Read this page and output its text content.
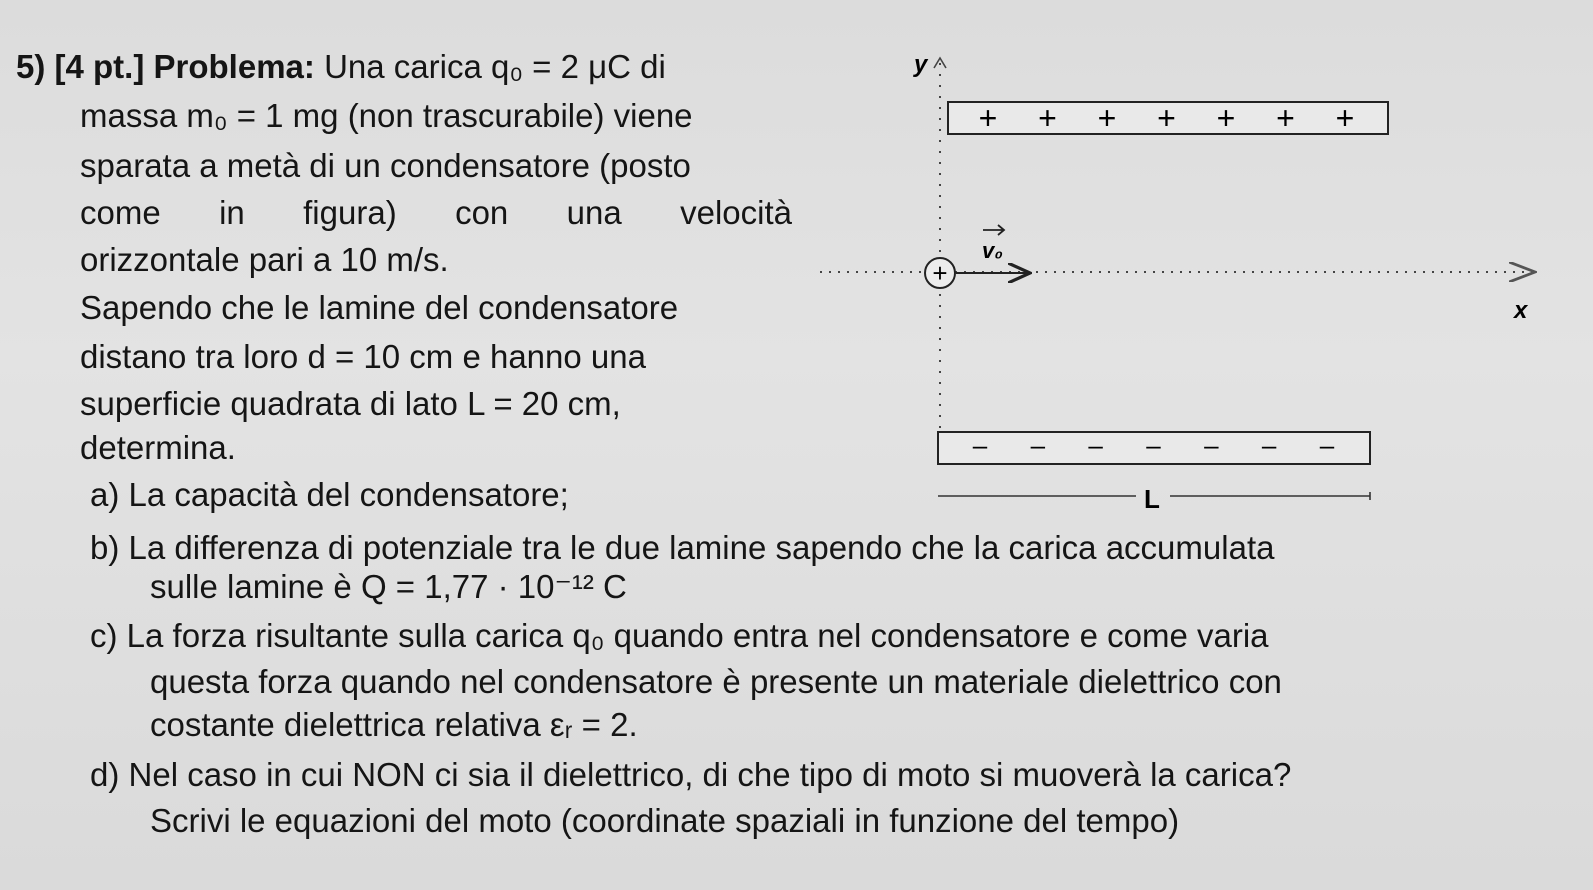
5) [4 pt.] Problema: Una carica q₀ = 2 μC di
massa m₀ = 1 mg (non trascurabile) viene
sparata a metà di un condensatore (posto
come in figura) con una velocità
orizzontale pari a 10 m/s.
Sapendo che le lamine del condensatore
distano tra loro d = 10 cm e hanno una
superficie quadrata di lato L = 20 cm,
determina.
a) La capacità del condensatore;
b) La differenza di potenziale tra le due lamine sapendo che la carica accumulata
sulle lamine è Q = 1,77 · 10⁻¹² C
c) La forza risultante sulla carica q₀ quando entra nel condensatore e come varia
questa forza quando nel condensatore è presente un materiale dielettrico con
costante dielettrica relativa εᵣ = 2.
d) Nel caso in cui NON ci sia il dielettrico, di che tipo di moto si muoverà la carica?
Scrivi le equazioni del moto (coordinate spaziali in funzione del tempo)
y
+ + + + + + +
x
+
v₀
– – – – – – –
L
